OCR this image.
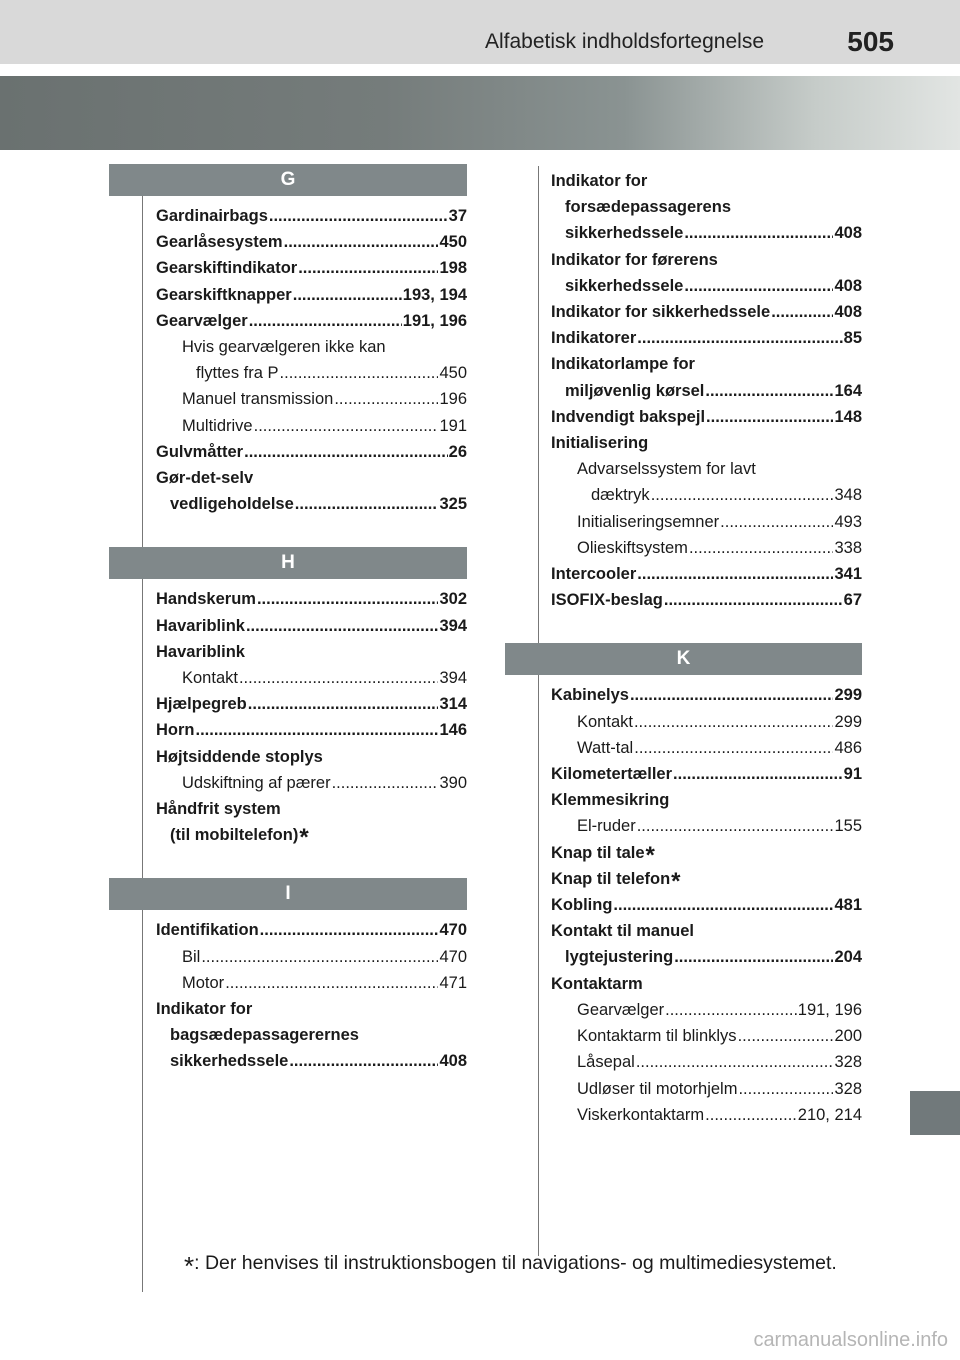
Alfabetisk indholdsfortegnelse	505
G
Gardinairbags .....	37
Gearlåsesystem .....	450
Gearskiftindikator .....	198
Gearskiftknapper .....	193, 194
Gearvælger .....	191, 196
Hvis gearvælgeren ikke kan
flyttes fra P .....	450
Manuel transmission .....	196
Multidrive .....	191
Gulvmåtter .....	26
Gør-det-selv
vedligeholdelse .....	325
H
Handskerum .....	302
Havariblink .....	394
Havariblink
Kontakt .....	394
Hjælpegreb .....	314
Horn .....	146
Højtsiddende stoplys
Udskiftning af pærer .....	390
Håndfrit system
(til mobiltelefon) *
I
Identifikation .....	470
Bil .....	470
Motor .....	471
Indikator for
bagsædepassagerernes
sikkerhedssele .....	408
Indikator for
forsædepassagerens
sikkerhedssele .....	408
Indikator for førerens
sikkerhedssele .....	408
Indikator for sikkerhedssele .....	408
Indikatorer .....	85
Indikatorlampe for
miljøvenlig kørsel .....	164
Indvendigt bakspejl .....	148
Initialisering
Advarselssystem for lavt
dæktryk .....	348
Initialiseringsemner .....	493
Olieskiftsystem .....	338
Intercooler .....	341
ISOFIX-beslag .....	67
K
Kabinelys .....	299
Kontakt .....	299
Watt-tal .....	486
Kilometertæller .....	91
Klemmesikring
El-ruder .....	155
Knap til tale *
Knap til telefon *
Kobling .....	481
Kontakt til manuel
lygtejustering .....	204
Kontaktarm
Gearvælger .....	191, 196
Kontaktarm til blinklys .....	200
Låsepal .....	328
Udløser til motorhjelm .....	328
Viskerkontaktarm .....	210, 214
*: Der henvises til instruktionsbogen til navigations- og multimediesystemet.
carmanualsonline.info
